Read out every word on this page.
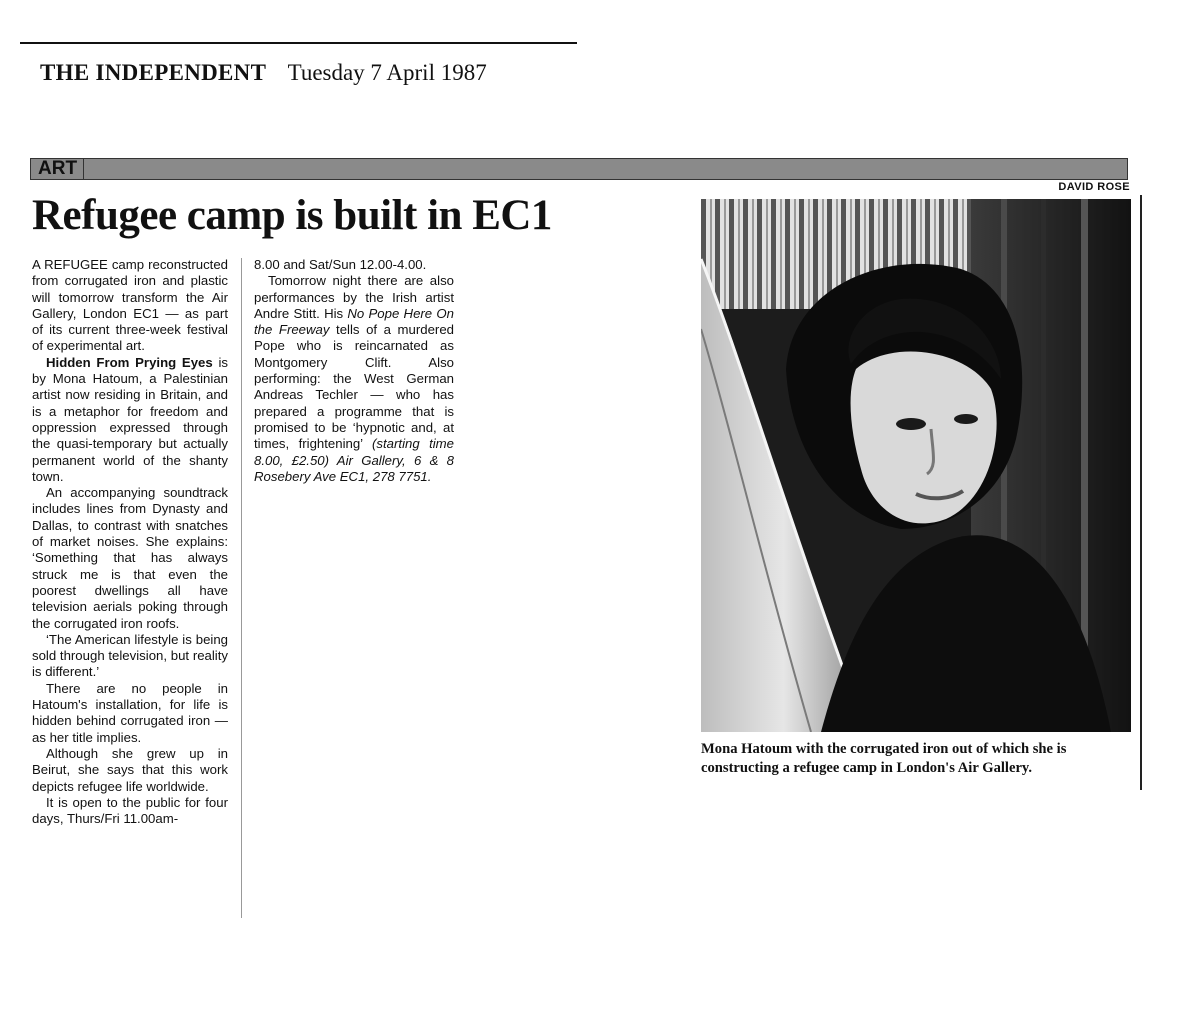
THE INDEPENDENT Tuesday 7 April 1987
ART
DAVID ROSE
Refugee camp is built in EC1

A REFUGEE camp reconstructed from corrugated iron and plastic will tomorrow transform the Air Gallery, London EC1 — as part of its current three-week festival of experimental art.

Hidden From Prying Eyes is by Mona Hatoum, a Palestinian artist now residing in Britain, and is a metaphor for freedom and oppression expressed through the quasi-temporary but actually permanent world of the shanty town.

An accompanying soundtrack includes lines from Dynasty and Dallas, to contrast with snatches of market noises. She explains: ‘Something that has always struck me is that even the poorest dwellings all have television aerials poking through the corrugated iron roofs.

‘The American lifestyle is being sold through television, but reality is different.’

There are no people in Hatoum's installation, for life is hidden behind corrugated iron — as her title implies.

Although she grew up in Beirut, she says that this work depicts refugee life worldwide.

It is open to the public for four days, Thurs/Fri 11.00am-

8.00 and Sat/Sun 12.00-4.00.

Tomorrow night there are also performances by the Irish artist Andre Stitt. His No Pope Here On the Freeway tells of a murdered Pope who is reincarnated as Montgomery Clift. Also performing: the West German Andreas Techler — who has prepared a programme that is promised to be ‘hypnotic and, at times, frightening’ (starting time 8.00, £2.50) Air Gallery, 6 & 8 Rosebery Ave EC1, 278 7751.

Mona Hatoum with the corrugated iron out of which she is constructing a refugee camp in London's Air Gallery.
